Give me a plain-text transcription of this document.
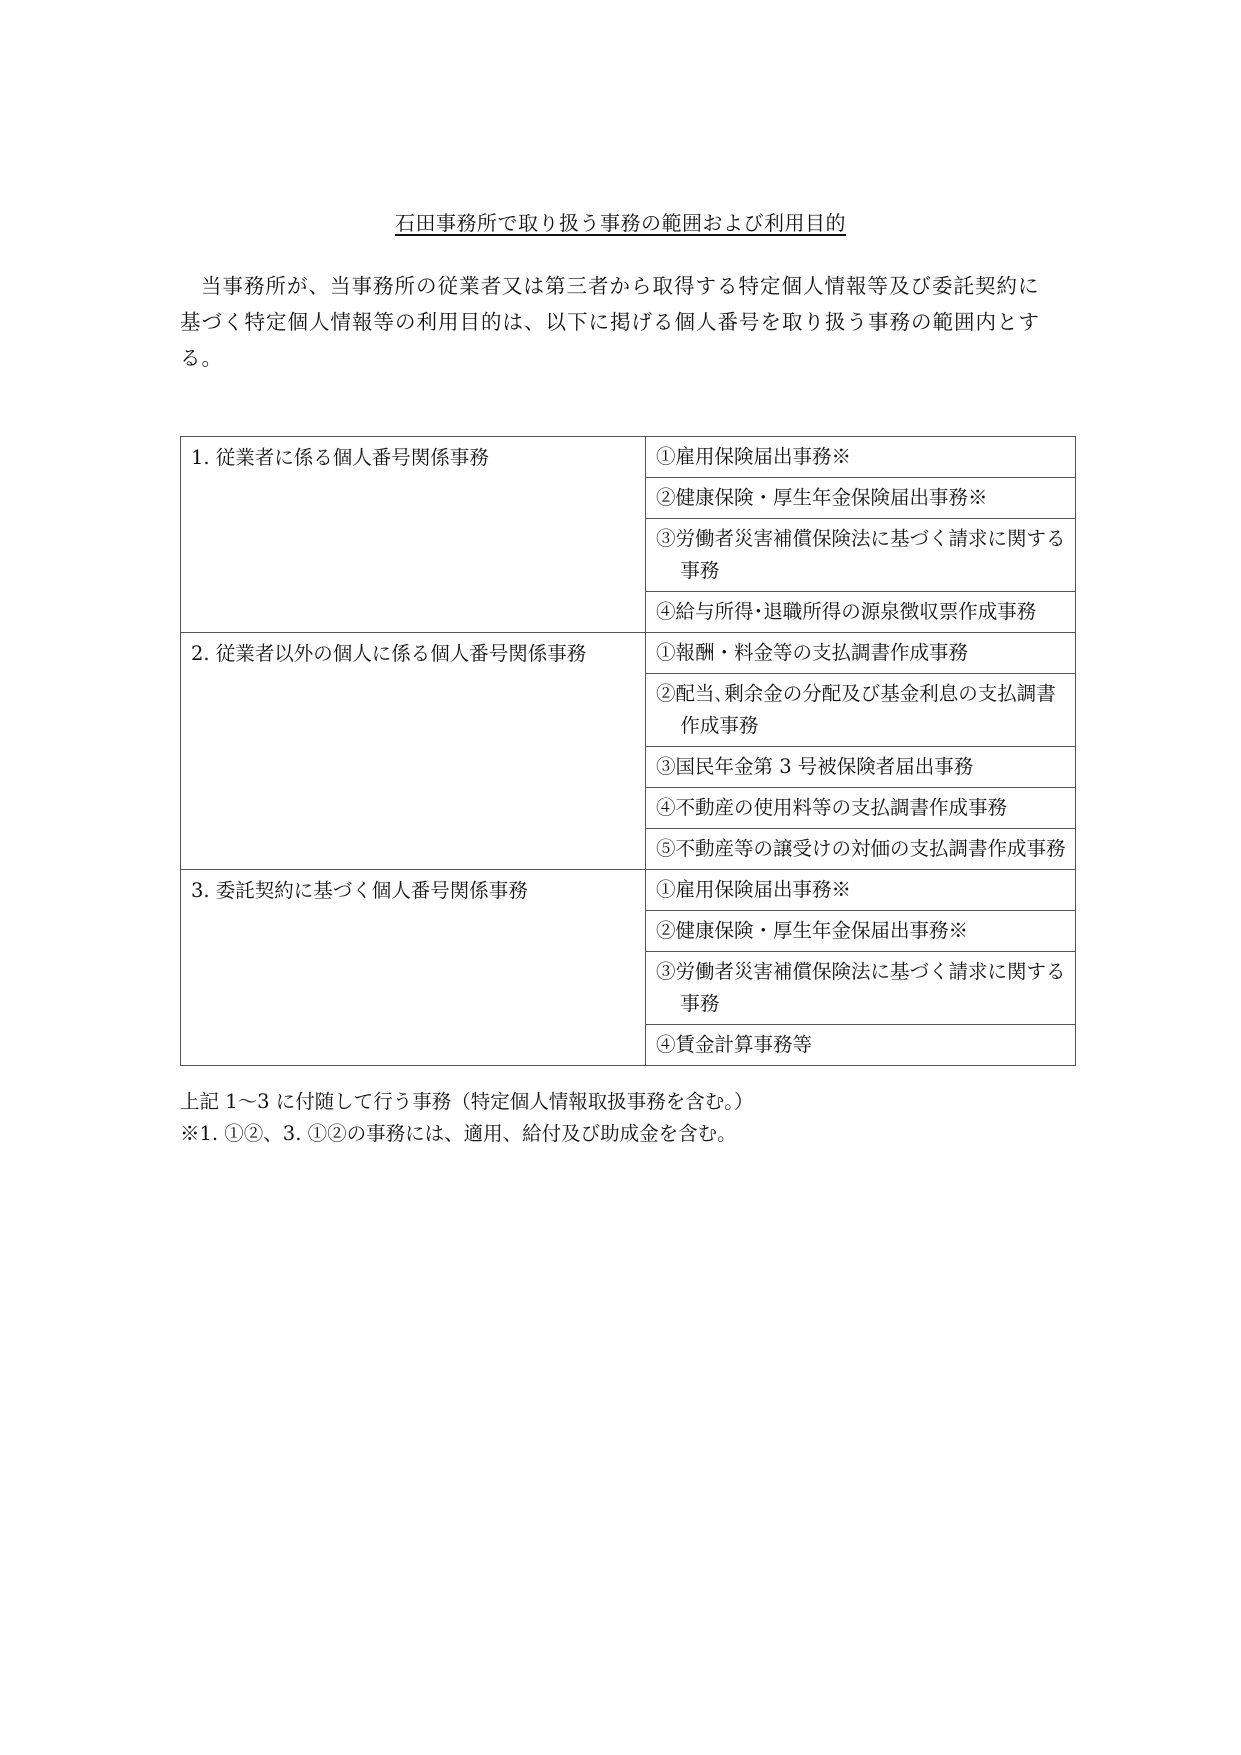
石田事務所で取り扱う事務の範囲および利用目的

当事務所が、当事務所の従業者又は第三者から取得する特定個人情報等及び委託契約に基づく特定個人情報等の利用目的は、以下に掲げる個人番号を取り扱う事務の範囲内とする。

1. 従業者に係る個人番号関係事務	①雇用保険届出事務※

	②健康保険・厚生年金保険届出事務※

	③労働者災害補償保険法に基づく請求に関する事務

	④給与所得･退職所得の源泉徴収票作成事務

2. 従業者以外の個人に係る個人番号関係事務	①報酬・料金等の支払調書作成事務

	②配当､剰余金の分配及び基金利息の支払調書作成事務

	③国民年金第 3 号被保険者届出事務

	④不動産の使用料等の支払調書作成事務

	⑤不動産等の譲受けの対価の支払調書作成事務

3. 委託契約に基づく個人番号関係事務	①雇用保険届出事務※

	②健康保険・厚生年金保届出事務※

	③労働者災害補償保険法に基づく請求に関する事務

	④賃金計算事務等
上記 1〜3 に付随して行う事務（特定個人情報取扱事務を含む。）
※1. ①②、3. ①②の事務には、適用、給付及び助成金を含む。
